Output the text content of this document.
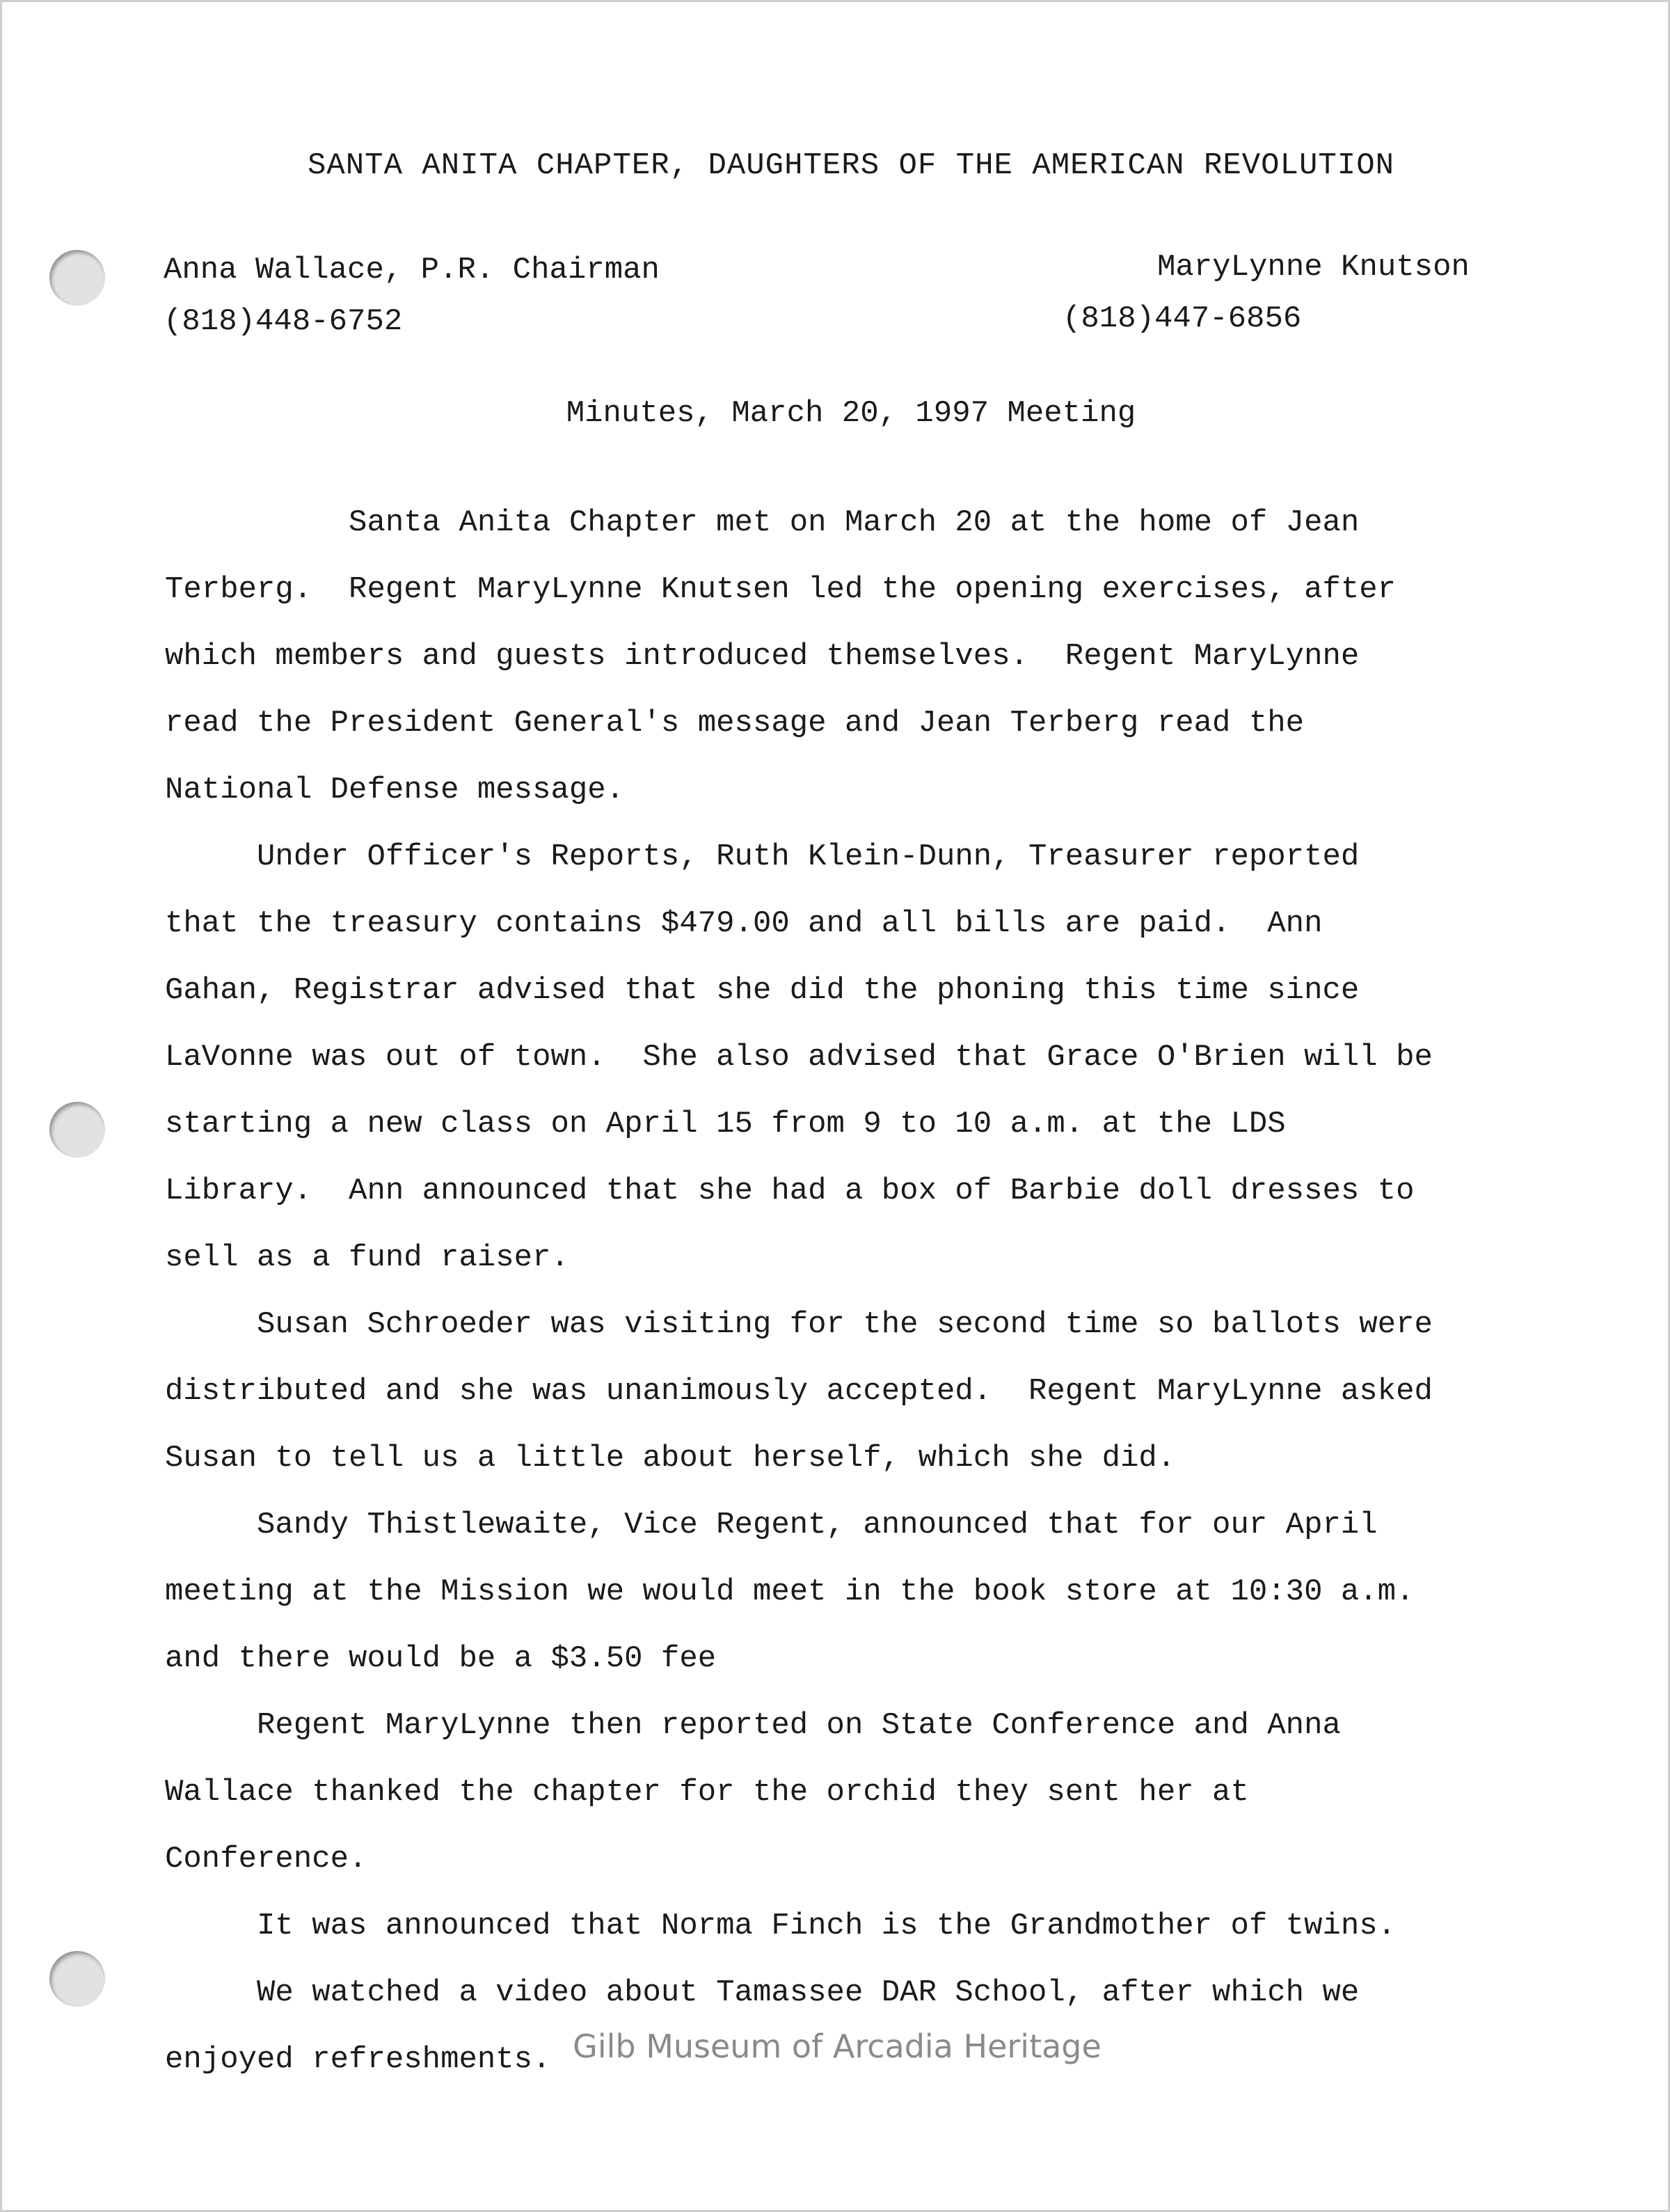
SANTA ANITA CHAPTER, DAUGHTERS OF THE AMERICAN REVOLUTION
Anna Wallace, P.R. Chairman
(818)448-6752
MaryLynne Knutson
(818)447-6856
Minutes, March 20, 1997 Meeting

Santa Anita Chapter met on March 20 at the home of Jean

Terberg.  Regent MaryLynne Knutsen led the opening exercises, after

which members and guests introduced themselves.  Regent MaryLynne

read the President General's message and Jean Terberg read the

National Defense message.

Under Officer's Reports, Ruth Klein-Dunn, Treasurer reported

that the treasury contains $479.00 and all bills are paid.  Ann

Gahan, Registrar advised that she did the phoning this time since

LaVonne was out of town.  She also advised that Grace O'Brien will be

starting a new class on April 15 from 9 to 10 a.m. at the LDS

Library.  Ann announced that she had a box of Barbie doll dresses to

sell as a fund raiser.

Susan Schroeder was visiting for the second time so ballots were

distributed and she was unanimously accepted.  Regent MaryLynne asked

Susan to tell us a little about herself, which she did.

Sandy Thistlewaite, Vice Regent, announced that for our April

meeting at the Mission we would meet in the book store at 10:30 a.m.

and there would be a $3.50 fee

Regent MaryLynne then reported on State Conference and Anna

Wallace thanked the chapter for the orchid they sent her at

Conference.

It was announced that Norma Finch is the Grandmother of twins.

We watched a video about Tamassee DAR School, after which we

enjoyed refreshments. Gilb Museum of Arcadia Heritage
